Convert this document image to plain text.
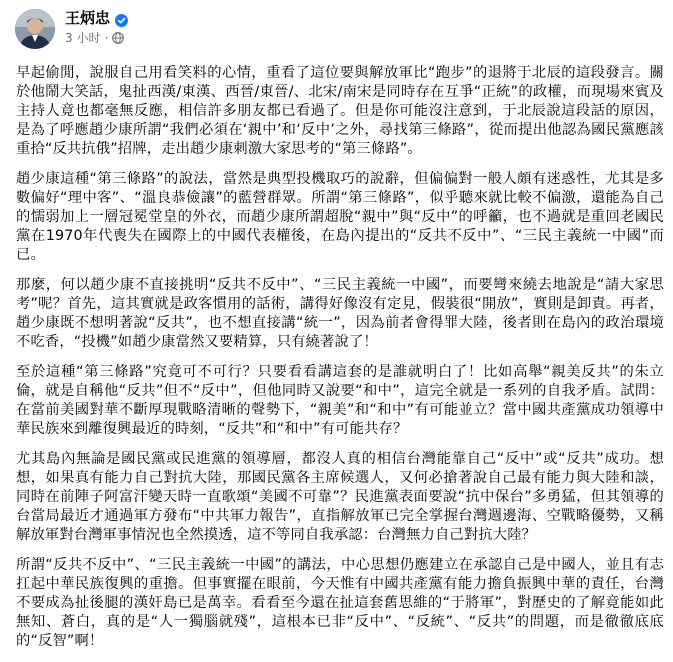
王炳忠
3 小时 ·

早起偷閒，說服自己用看笑料的心情，重看了這位要與解放軍比“跑步”的退將于北辰的這段發言。關於他鬧大笑話，鬼扯西漢/東漢、西晉/東晉/、北宋/南宋是同時存在互爭“正統”的政權，而現場來賓及主持人竟也都毫無反應，相信許多朋友都已看過了。但是你可能沒注意到，于北辰說這段話的原因，是為了呼應趙少康所謂“我們必須在‘親中’和‘反中’之外，尋找第三條路”，從而提出他認為國民黨應該重拾“反共抗俄”招牌，走出趙少康刺激大家思考的“第三條路”。

趙少康這種“第三條路”的說法，當然是典型投機取巧的說辭，但偏偏對一般人頗有迷惑性，尤其是多數偏好“理中客”、“溫良恭儉讓”的藍營群眾。所謂“第三條路”，似乎聽來就比較不偏激，還能為自己的懦弱加上一層冠冕堂皇的外衣，而趙少康所謂超脫“親中”與“反中”的呼籲，也不過就是重回老國民黨在1970年代喪失在國際上的中國代表權後，在島內提出的“反共不反中”、“三民主義統一中國”而已。

那麼，何以趙少康不直接挑明“反共不反中”、“三民主義統一中國”，而要彎來繞去地說是“請大家思考”呢？首先，這其實就是政客慣用的話術，講得好像沒有定見，假裝很“開放”，實則是卸責。再者，趙少康既不想明著說“反共”，也不想直接講“統一”，因為前者會得罪大陸，後者則在島內的政治環境不吃香，“投機”如趙少康當然又要精算，只有繞著說了！

至於這種“第三條路”究竟可不可行？只要看看講這套的是誰就明白了！比如高舉“親美反共”的朱立倫，就是自稱他“反共”但不“反中”，但他同時又說要“和中”，這完全就是一系列的自我矛盾。試問：在當前美國對華不斷厚現戰略清晰的聲勢下，“親美”和“和中”有可能並立？當中國共產黨成功領導中華民族來到離復興最近的時刻，“反共”和“和中”有可能共存？

尤其島內無論是國民黨或民進黨的領導層，都沒人真的相信台灣能靠自己“反中”或“反共”成功。想想，如果真有能力自己對抗大陸，那國民黨各主席候選人，又何必搶著說自己最有能力與大陸和談，同時在前陣子阿富汗變天時一直歌頌“美國不可靠”？民進黨表面要說“抗中保台”多勇猛，但其領導的台當局最近才通過軍方發布“中共軍力報告”，直指解放軍已完全掌握台灣週邊海、空戰略優勢，又稱解放軍對台灣軍事情況也全然摸透，這不等同自我承認：台灣無力自己對抗大陸？

所謂“反共不反中”、“三民主義統一中國”的講法，中心思想仍應建立在承認自己是中國人，並且有志扛起中華民族復興的重擔。但事實擺在眼前，今天惟有中國共產黨有能力擔負振興中華的責任，台灣不要成為扯後腿的漢奸島已是萬幸。看看至今還在扯這套舊思維的“于將軍”，對歷史的了解竟能如此無知、蒼白，真的是“人一獨腦就殘”，這根本已非“反中”、“反統”、“反共”的問題，而是徹徹底底的“反智”啊！
